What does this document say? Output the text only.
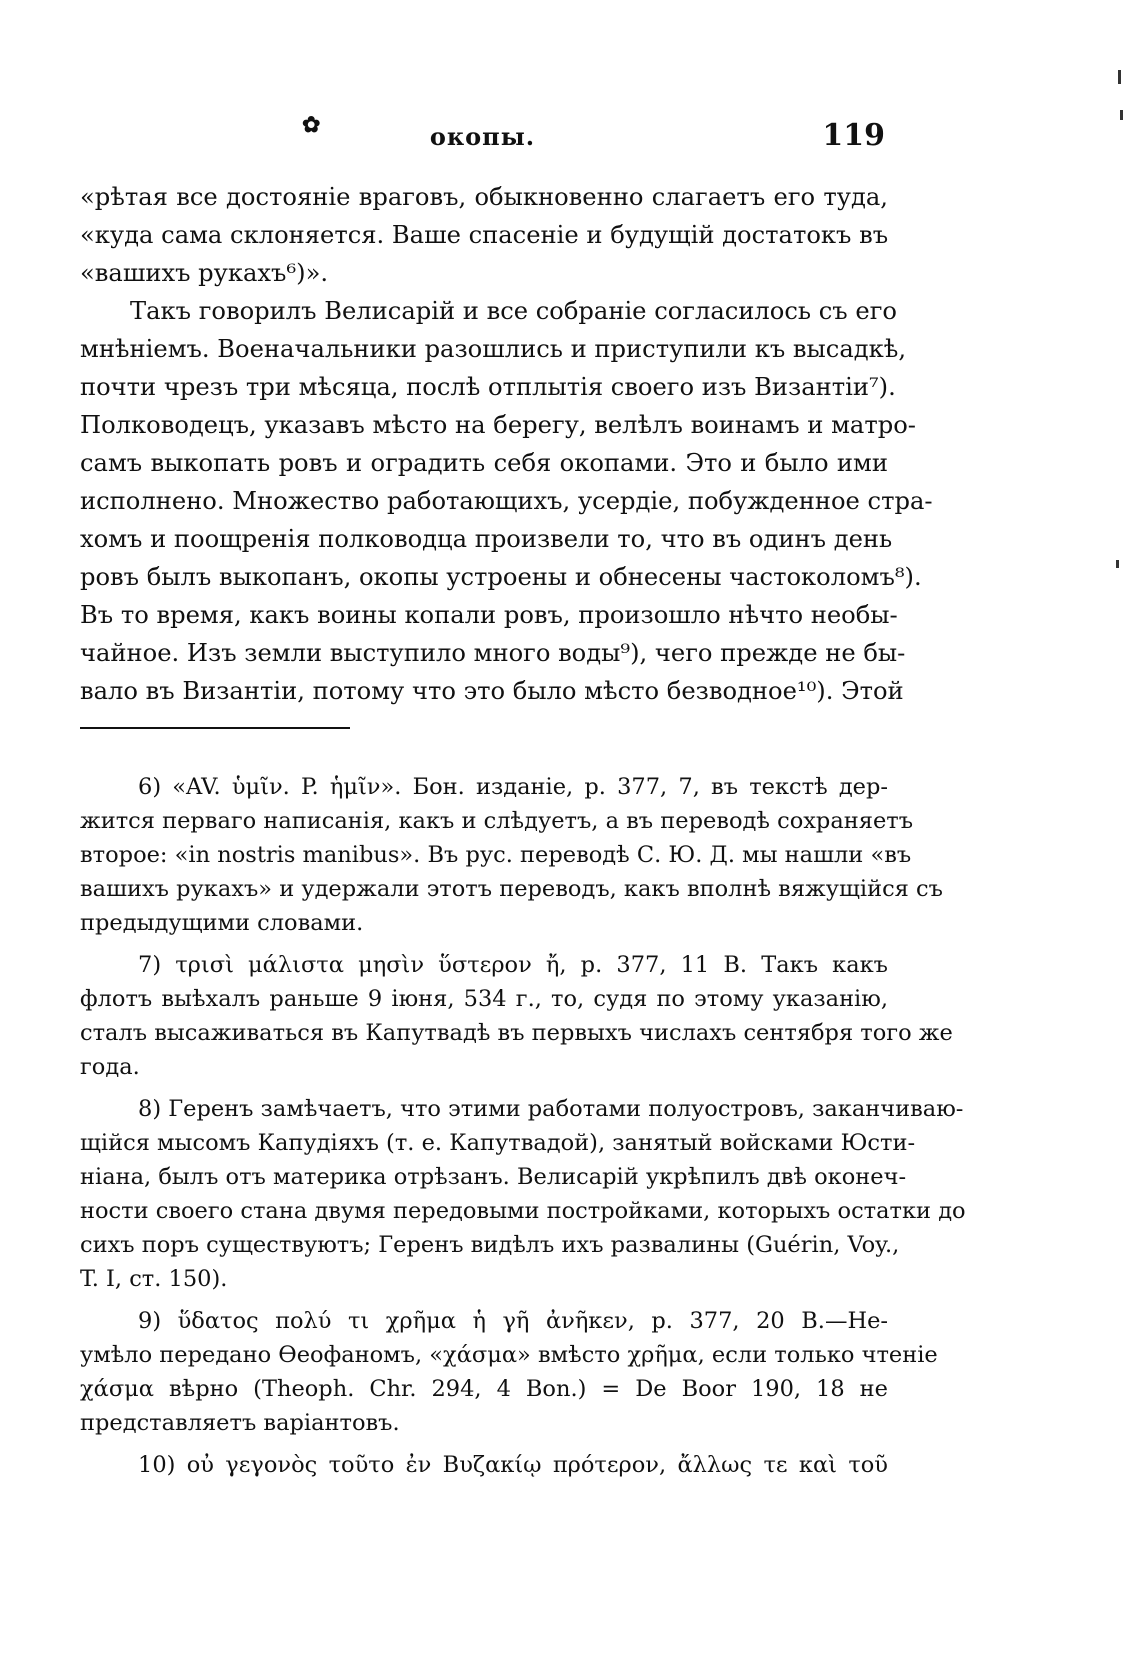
✿	окопы.	119
«рѣтая все достояніе враговъ, обыкновенно слагаетъ его туда,
«куда сама склоняется. Ваше спасеніе и будущій достатокъ въ
«вашихъ рукахъ⁶)».
Такъ говорилъ Велисарій и все собраніе согласилось съ его
мнѣніемъ. Военачальники разошлись и приступили къ высадкѣ,
почти чрезъ три мѣсяца, послѣ отплытія своего изъ Византіи⁷).
Полководецъ, указавъ мѣсто на берегу, велѣлъ воинамъ и матро-
самъ выкопать ровъ и оградить себя окопами. Это и было ими
исполнено. Множество работающихъ, усердіе, побужденное стра-
хомъ и поощренія полководца произвели то, что въ одинъ день
ровъ былъ выкопанъ, окопы устроены и обнесены частоколомъ⁸).
Въ то время, какъ воины копали ровъ, произошло нѣчто необы-
чайное. Изъ земли выступило много воды⁹), чего прежде не бы-
вало въ Византіи, потому что это было мѣсто безводное¹⁰). Этой
6) «AV. ὑμῖν. P. ἡμῖν». Бон. изданіе, р. 377, 7, въ текстѣ дер-
жится перваго написанія, какъ и слѣдуетъ, а въ переводѣ сохраняетъ
второе: «in nostris manibus». Въ рус. переводѣ С. Ю. Д. мы нашли «въ
вашихъ рукахъ» и удержали этотъ переводъ, какъ вполнѣ вяжущійся съ
предыдущими словами.
7) τρισὶ μάλιστα μησὶν ὕστερον ἤ, р. 377, 11 B. Такъ какъ
флотъ выѣхалъ раньше 9 іюня, 534 г., то, судя по этому указанію,
сталъ высаживаться въ Капутвадѣ въ первыхъ числахъ сентября того же
года.
8) Геренъ замѣчаетъ, что этими работами полуостровъ, заканчиваю-
щійся мысомъ Капудіяхъ (т. е. Капутвадой), занятый войсками Юсти-
ніана, былъ отъ материка отрѣзанъ. Велисарій укрѣпилъ двѣ оконеч-
ности своего стана двумя передовыми постройками, которыхъ остатки до
сихъ поръ существуютъ; Геренъ видѣлъ ихъ развалины (Guérin, Voy.,
T. I, ст. 150).
9) ὕδατος πολύ τι χρῆμα ἡ γῆ ἀνῆκεν, р. 377, 20 B.—Не-
умѣло передано Ѳеофаномъ, «χάσμα» вмѣсто χρῆμα, если только чтеніе
χάσμα вѣрно (Theoph. Chr. 294, 4 Bon.) = De Boor 190, 18 не
представляетъ варіантовъ.
10) οὐ γεγονὸς τοῦτο ἐν Βυζακίῳ πρότερον, ἄλλως τε καὶ τοῦ
